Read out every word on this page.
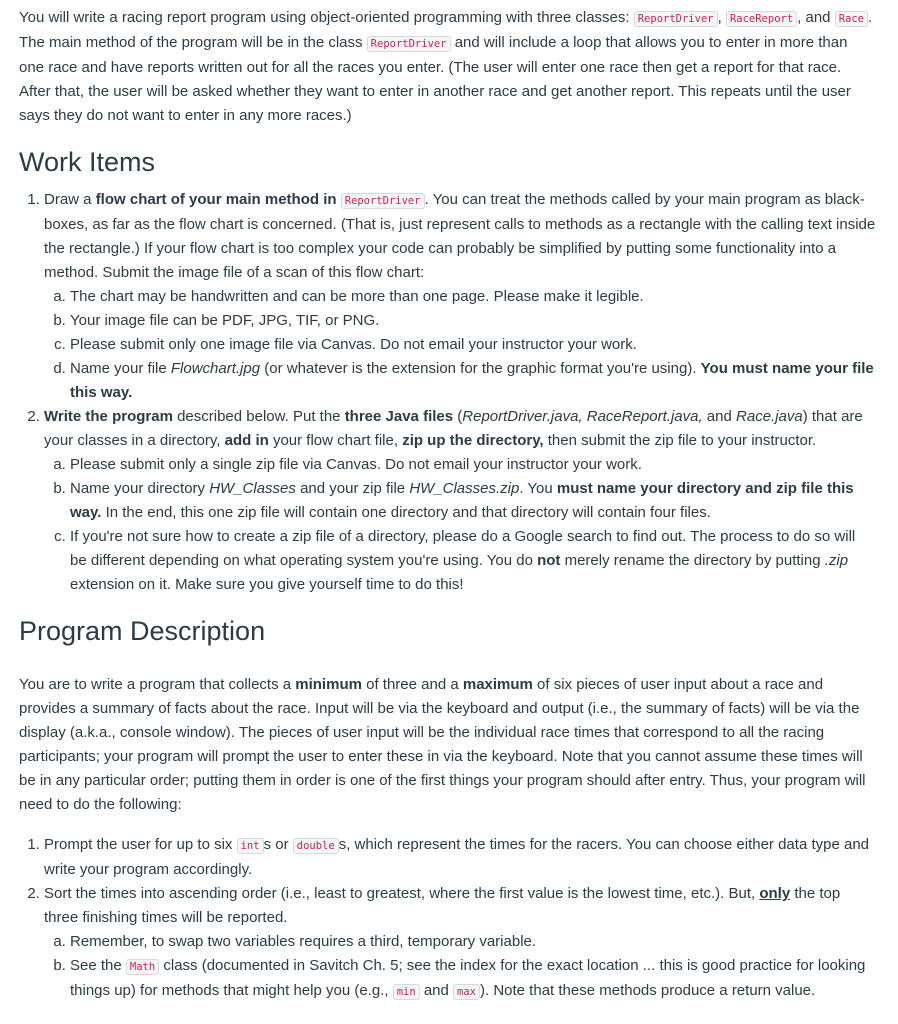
You will write a racing report program using object-oriented programming with three classes: ReportDriver , RaceReport , and Race . The main method of the program will be in the class ReportDriver and will include a loop that allows you to enter in more than one race and have reports written out for all the races you enter. (The user will enter one race then get a report for that race. After that, the user will be asked whether they want to enter in another race and get another report. This repeats until the user says they do not want to enter in any more races.)

Work Items
1. Draw a flow chart of your main method in ReportDriver . You can treat the methods called by your main program as black-boxes, as far as the flow chart is concerned. (That is, just represent calls to methods as a rectangle with the calling text inside the rectangle.) If your flow chart is too complex your code can probably be simplified by putting some functionality into a method. Submit the image file of a scan of this flow chart:
a. The chart may be handwritten and can be more than one page. Please make it legible.
b. Your image file can be PDF, JPG, TIF, or PNG.
c. Please submit only one image file via Canvas. Do not email your instructor your work.
d. Name your file Flowchart.jpg (or whatever is the extension for the graphic format you're using). You must name your file this way.
2. Write the program described below. Put the three Java files (ReportDriver.java, RaceReport.java, and Race.java) that are your classes in a directory, add in your flow chart file, zip up the directory, then submit the zip file to your instructor.
a. Please submit only a single zip file via Canvas. Do not email your instructor your work.
b. Name your directory HW_Classes and your zip file HW_Classes.zip. You must name your directory and zip file this way. In the end, this one zip file will contain one directory and that directory will contain four files.
c. If you're not sure how to create a zip file of a directory, please do a Google search to find out. The process to do so will be different depending on what operating system you're using. You do not merely rename the directory by putting .zip extension on it. Make sure you give yourself time to do this!
Program Description

You are to write a program that collects a minimum of three and a maximum of six pieces of user input about a race and provides a summary of facts about the race. Input will be via the keyboard and output (i.e., the summary of facts) will be via the display (a.k.a., console window). The pieces of user input will be the individual race times that correspond to all the racing participants; your program will prompt the user to enter these in via the keyboard. Note that you cannot assume these times will be in any particular order; putting them in order is one of the first things your program should after entry. Thus, your program will need to do the following:

1. Prompt the user for up to six int s or double s, which represent the times for the racers. You can choose either data type and write your program accordingly.
2. Sort the times into ascending order (i.e., least to greatest, where the first value is the lowest time, etc.). But, only the top three finishing times will be reported.
a. Remember, to swap two variables requires a third, temporary variable.
b. See the Math class (documented in Savitch Ch. 5; see the index for the exact location ... this is good practice for looking things up) for methods that might help you (e.g., min and max ). Note that these methods produce a return value.
